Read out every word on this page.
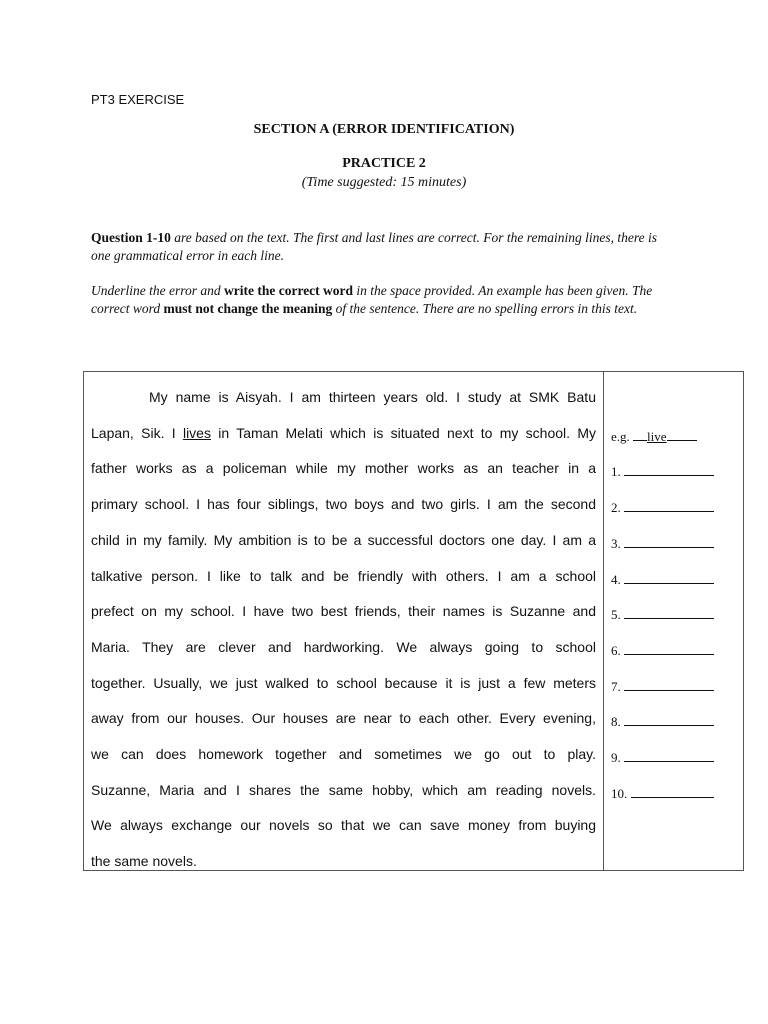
PT3 EXERCISE
SECTION A (ERROR IDENTIFICATION)
PRACTICE 2
(Time suggested: 15 minutes)
Question 1-10 are based on the text. The first and last lines are correct. For the remaining lines, there is one grammatical error in each line.
Underline the error and write the correct word in the space provided. An example has been given. The correct word must not change the meaning of the sentence. There are no spelling errors in this text.
My name is Aisyah. I am thirteen years old. I study at SMK Batu
Lapan, Sik. I lives in Taman Melati which is situated next to my school. My
father works as a policeman while my mother works as an teacher in a
primary school. I has four siblings, two boys and two girls. I am the second
child in my family. My ambition is to be a successful doctors one day. I am a
talkative person. I like to talk and be friendly with others. I am a school
prefect on my school. I have two best friends, their names is Suzanne and
Maria. They are clever and hardworking. We always going to school
together. Usually, we just walked to school because it is just a few meters
away from our houses. Our houses are near to each other. Every evening,
we can does homework together and sometimes we go out to play.
Suzanne, Maria and I shares the same hobby, which am reading novels.
We always exchange our novels so that we can save money from buying
the same novels.
e.g. live
1.
2.
3.
4.
5.
6.
7.
8.
9.
10.
